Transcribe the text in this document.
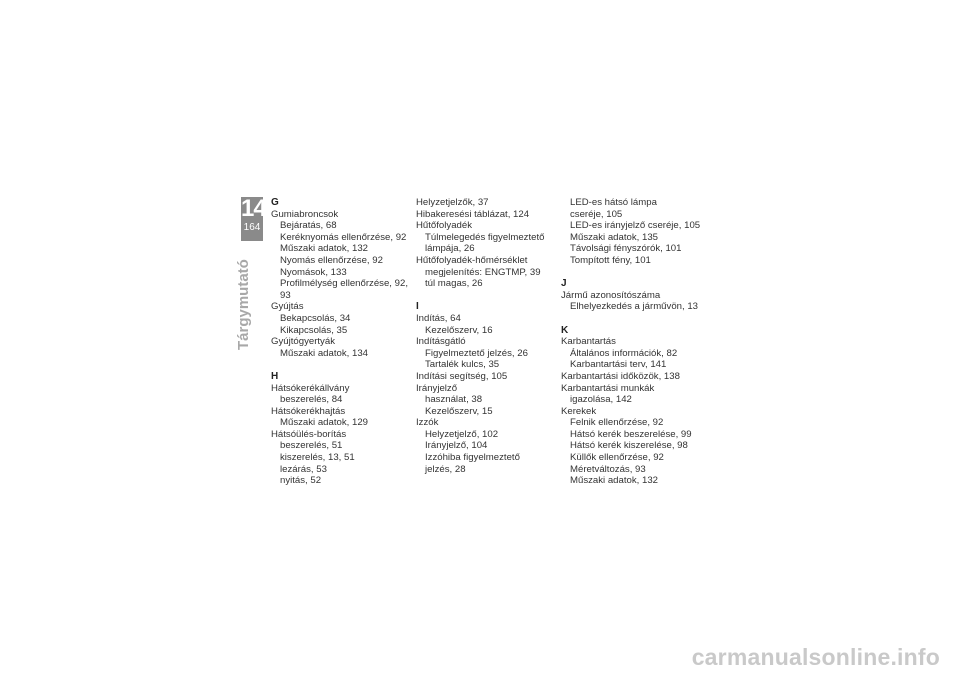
14
164
Tárgymutató
G
Gumiabroncsok
Bejáratás, 68
Keréknyomás ellenőrzése, 92
Műszaki adatok, 132
Nyomás ellenőrzése, 92
Nyomások, 133
Profilmélység ellenőrzése, 92,
93
Gyújtás
Bekapcsolás, 34
Kikapcsolás, 35
Gyújtógyertyák
Műszaki adatok, 134
H
Hátsókerékállvány
beszerelés, 84
Hátsókerékhajtás
Műszaki adatok, 129
Hátsóülés-borítás
beszerelés, 51
kiszerelés, 13, 51
lezárás, 53
nyitás, 52
Helyzetjelzők, 37
Hibakeresési táblázat, 124
Hűtőfolyadék
Túlmelegedés figyelmeztető
lámpája, 26
Hűtőfolyadék-hőmérséklet
megjelenítés: ENGTMP, 39
túl magas, 26
I
Indítás, 64
Kezelőszerv, 16
Indításgátló
Figyelmeztető jelzés, 26
Tartalék kulcs, 35
Indítási segítség, 105
Irányjelző
használat, 38
Kezelőszerv, 15
Izzók
Helyzetjelző, 102
Irányjelző, 104
Izzóhiba figyelmeztető
jelzés, 28
LED-es hátsó lámpa
cseréje, 105
LED-es irányjelző cseréje, 105
Műszaki adatok, 135
Távolsági fényszórók, 101
Tompított fény, 101
J
Jármű azonosítószáma
Elhelyezkedés a járművön, 13
K
Karbantartás
Általános információk, 82
Karbantartási terv, 141
Karbantartási időközök, 138
Karbantartási munkák
igazolása, 142
Kerekek
Felnik ellenőrzése, 92
Hátsó kerék beszerelése, 99
Hátsó kerék kiszerelése, 98
Küllők ellenőrzése, 92
Méretváltozás, 93
Műszaki adatok, 132
carmanualsonline.info
